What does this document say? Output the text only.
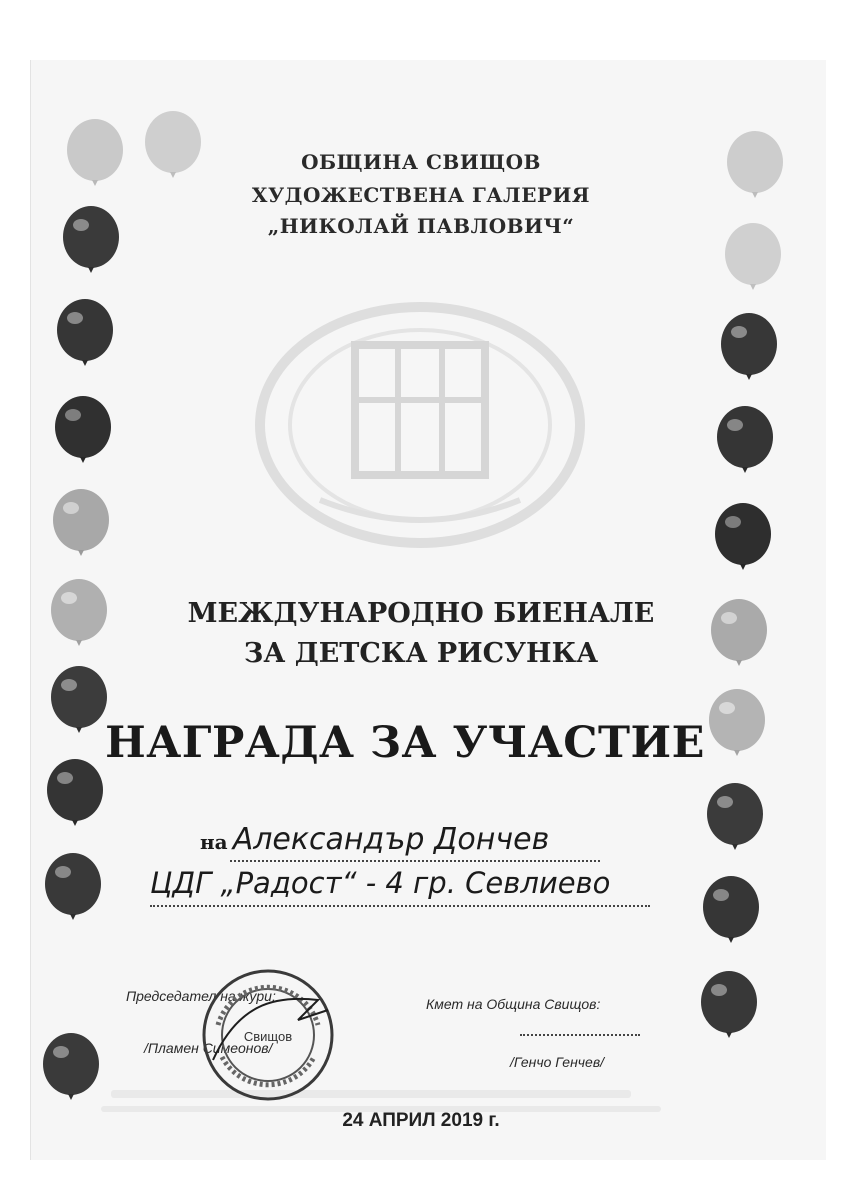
ОБЩИНА СВИЩОВ
ХУДОЖЕСТВЕНА ГАЛЕРИЯ
„НИКОЛАЙ ПАВЛОВИЧ“
МЕЖДУНАРОДНО БИЕНАЛЕ
ЗА ДЕТСКА РИСУНКА
НАГРАДА ЗА УЧАСТИЕ
на Александър Дончев
ЦДГ „Радост“ - 4 гр. Севлиево
Председател на жури:
/Пламен Симеонов/
Кмет на Община Свищов:
/Генчо Генчев/
Свищов
24 АПРИЛ 2019 г.
